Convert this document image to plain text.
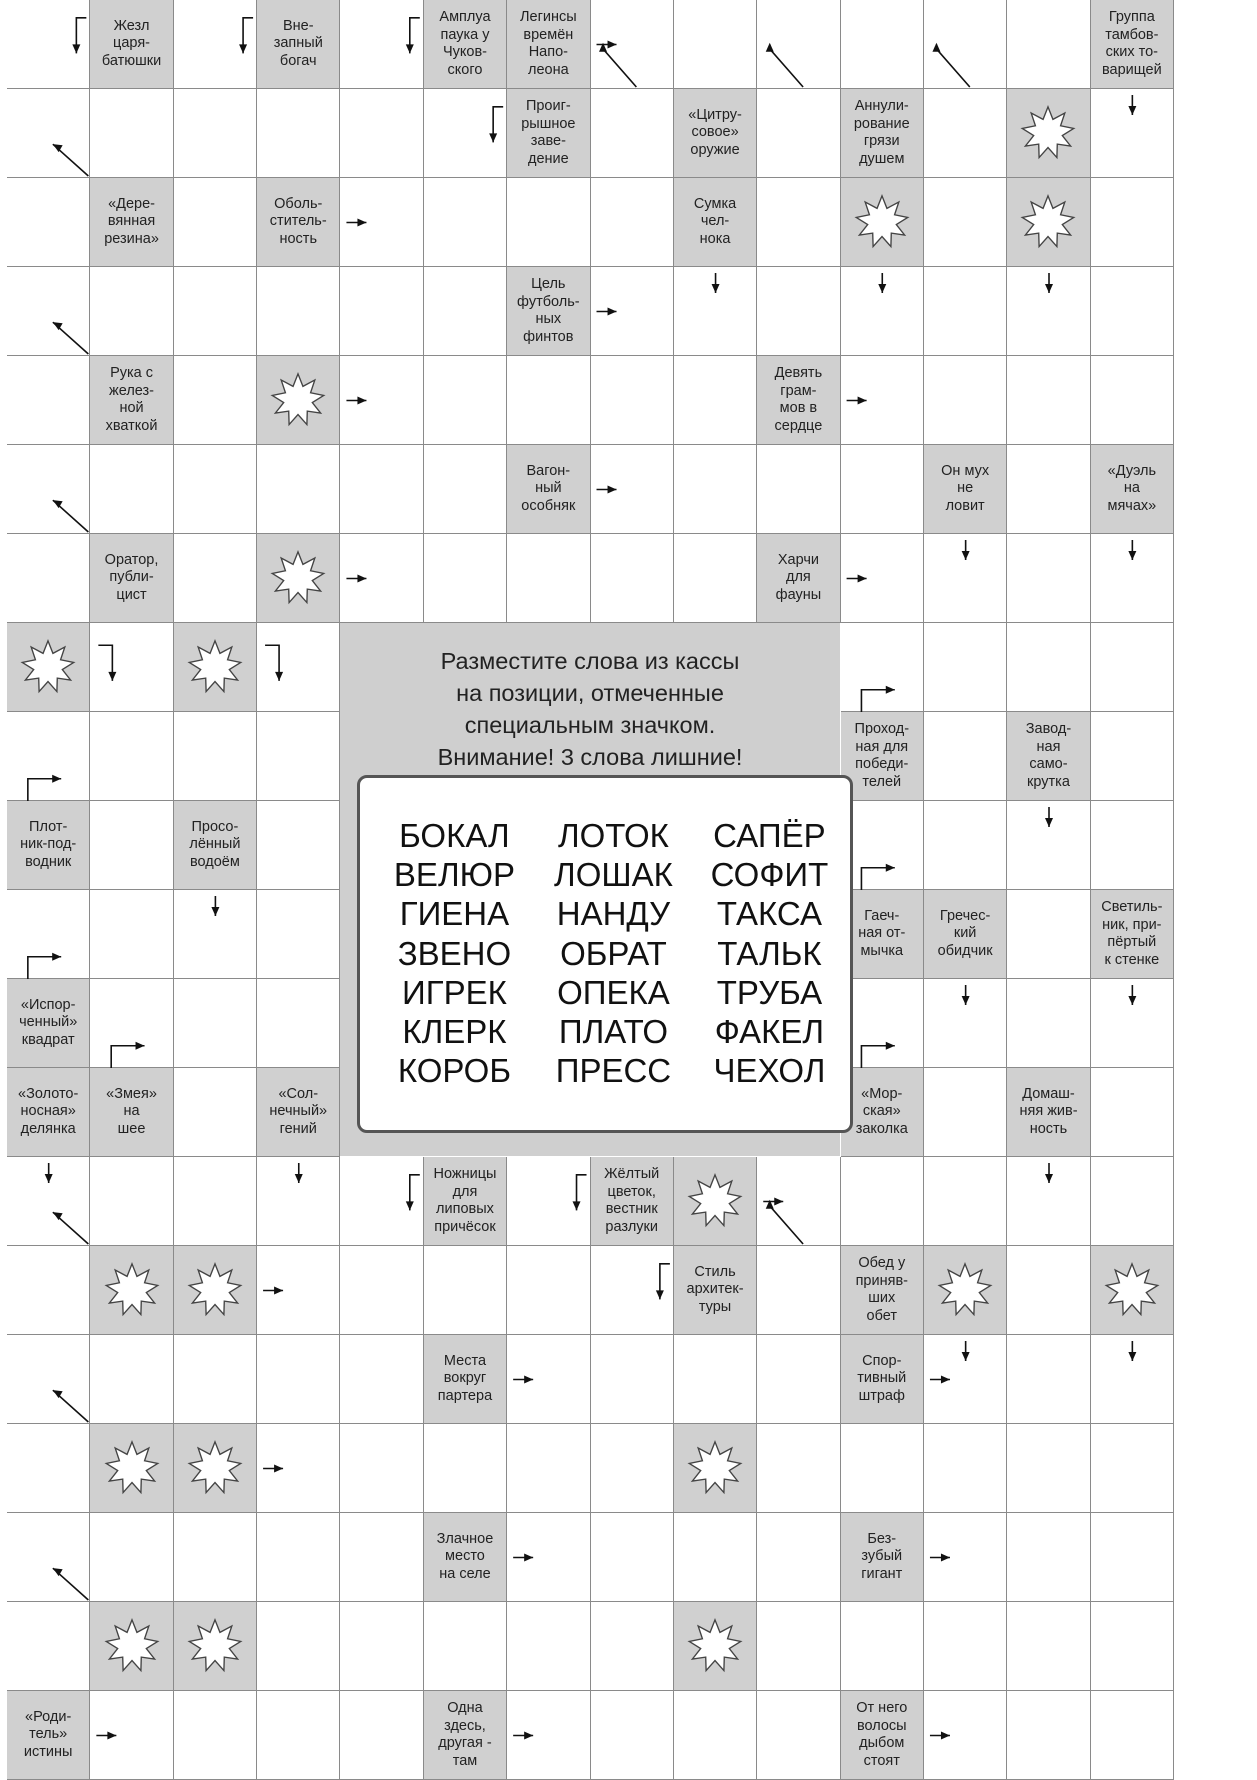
Жезл
царя-
батюшки
Вне-
запный
богач
Амплуа
паука у
Чуков-
ского
Легинсы
времён
Напо-
леона
Группа
тамбов-
ских то-
варищей
Проиг-
рышное
заве-
дение
«Цитру-
совое»
оружие
Аннули-
рование
грязи
душем
«Дере-
вянная
резина»
Оболь-
ститель-
ность
Сумка
чел-
нока
Цель
футболь-
ных
финтов
Рука с
желез-
ной
хваткой
Девять
грам-
мов в
сердце
Вагон-
ный
особняк
Он мух
не
ловит
«Дуэль
на
мячах»
Оратор,
публи-
цист
Харчи
для
фауны
Проход-
ная для
победи-
телей
Завод-
ная
само-
крутка
Плот-
ник-под-
водник
Просо-
лённый
водоём
Гаеч-
ная от-
мычка
Гречес-
кий
обидчик
Светиль-
ник, при-
пёртый
к стенке
«Испор-
ченный»
квадрат
«Золото-
носная»
делянка
«Змея»
на
шее
«Сол-
нечный»
гений
«Мор-
ская»
заколка
Домаш-
няя жив-
ность
Ножницы
для
липовых
причёсок
Жёлтый
цветок,
вестник
разлуки
Стиль
архитек-
туры
Обед у
приняв-
ших
обет
Места
вокруг
партера
Спор-
тивный
штраф
Злачное
место
на селе
Без-
зубый
гигант
«Роди-
тель»
истины
Одна
здесь,
другая -
там
От него
волосы
дыбом
стоят
Разместите слова из кассы
на позиции, отмеченные
специальным значком.
Внимание! 3 слова лишние!
БОКАЛ
ВЕЛЮР
ГИЕНА
ЗВЕНО
ИГРЕК
КЛЕРК
КОРОБ
ЛОТОК
ЛОШАК
НАНДУ
ОБРАТ
ОПЕКА
ПЛАТО
ПРЕСС
САПЁР
СОФИТ
ТАКСА
ТАЛЬК
ТРУБА
ФАКЕЛ
ЧЕХОЛ
